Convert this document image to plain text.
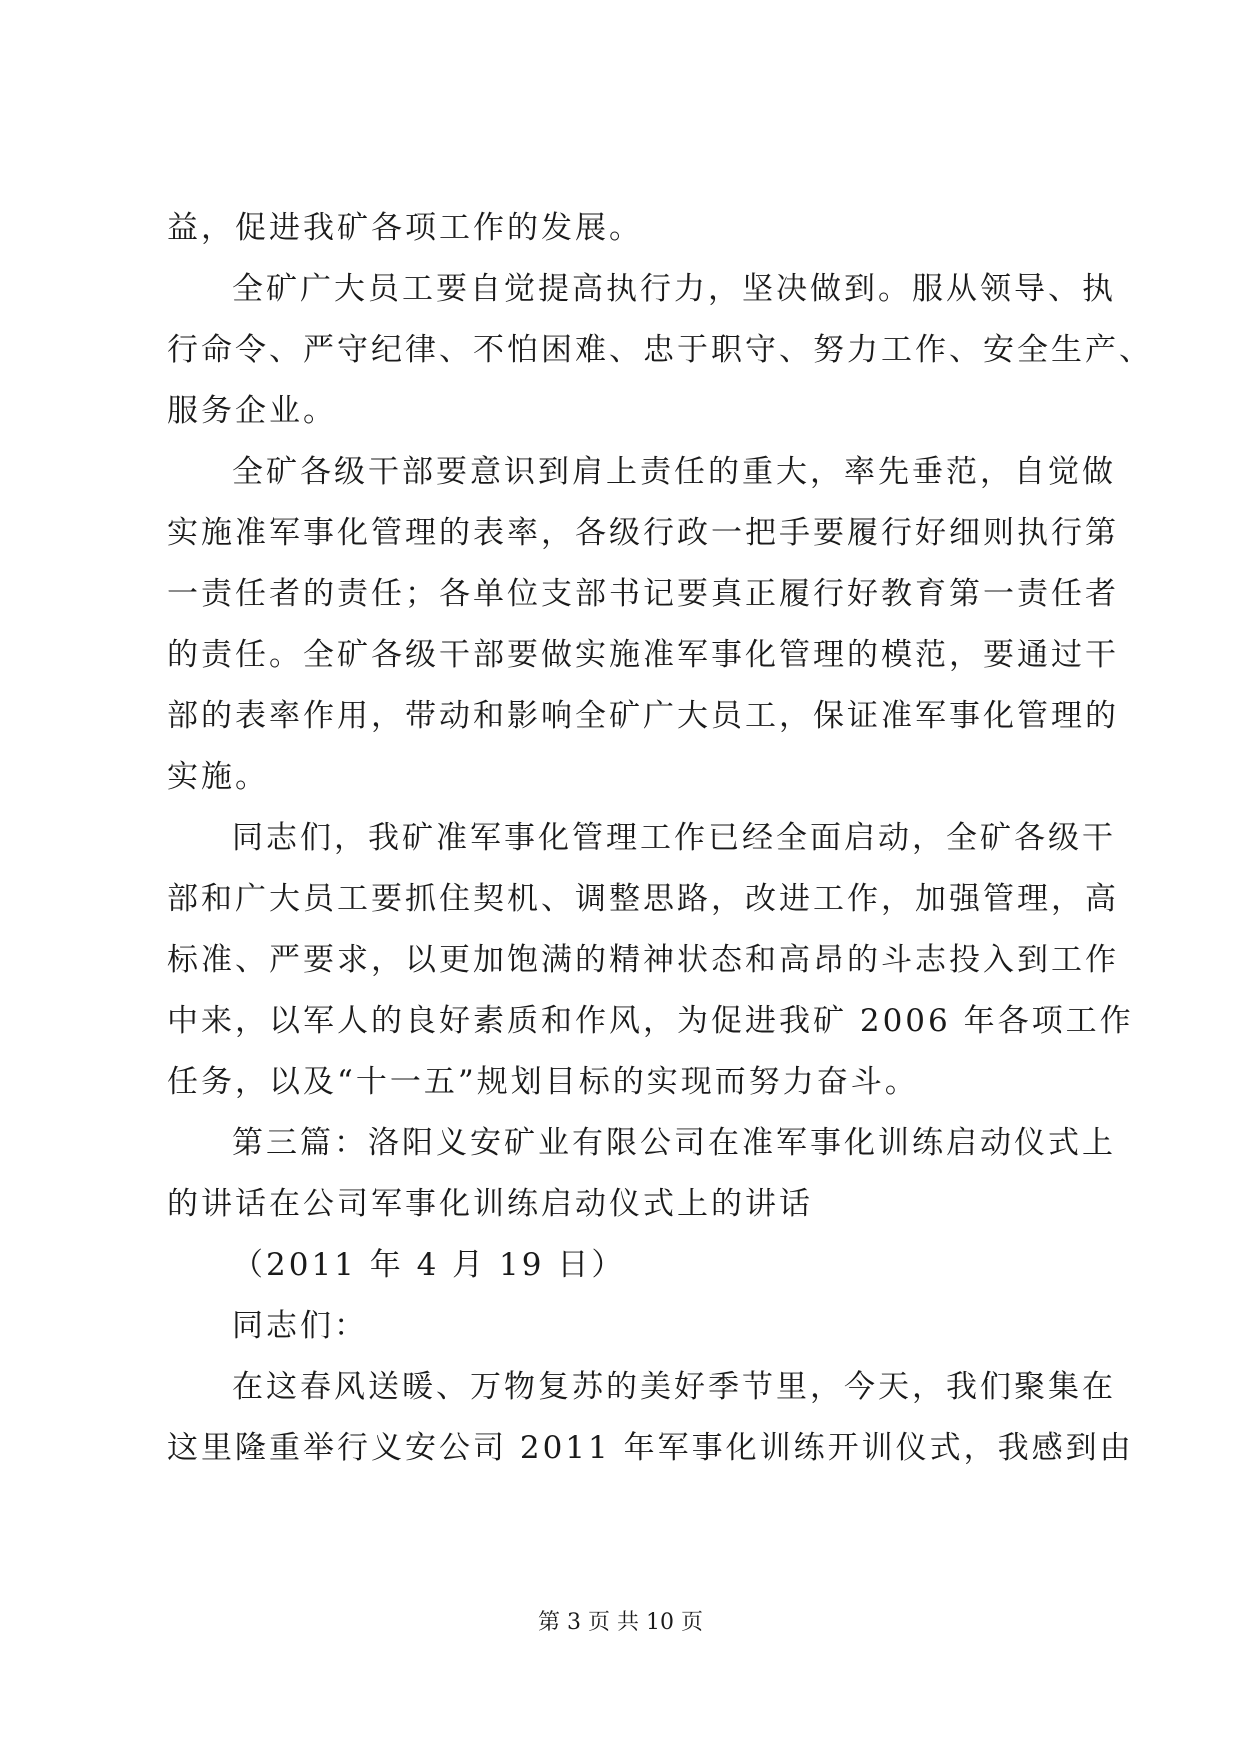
益，促进我矿各项工作的发展。
全矿广大员工要自觉提高执行力，坚决做到。服从领导、执
行命令、严守纪律、不怕困难、忠于职守、努力工作、安全生产、
服务企业。
全矿各级干部要意识到肩上责任的重大，率先垂范，自觉做
实施准军事化管理的表率，各级行政一把手要履行好细则执行第
一责任者的责任；各单位支部书记要真正履行好教育第一责任者
的责任。全矿各级干部要做实施准军事化管理的模范，要通过干
部的表率作用，带动和影响全矿广大员工，保证准军事化管理的
实施。
同志们，我矿准军事化管理工作已经全面启动，全矿各级干
部和广大员工要抓住契机、调整思路，改进工作，加强管理，高
标准、严要求，以更加饱满的精神状态和高昂的斗志投入到工作
中来，以军人的良好素质和作风，为促进我矿 2006 年各项工作
任务，以及“十一五”规划目标的实现而努力奋斗。
第三篇：洛阳义安矿业有限公司在准军事化训练启动仪式上
的讲话在公司军事化训练启动仪式上的讲话
（2011 年 4 月 19 日）
同志们：
在这春风送暖、万物复苏的美好季节里，今天，我们聚集在
这里隆重举行义安公司 2011 年军事化训练开训仪式，我感到由
第 3 页 共 10 页
